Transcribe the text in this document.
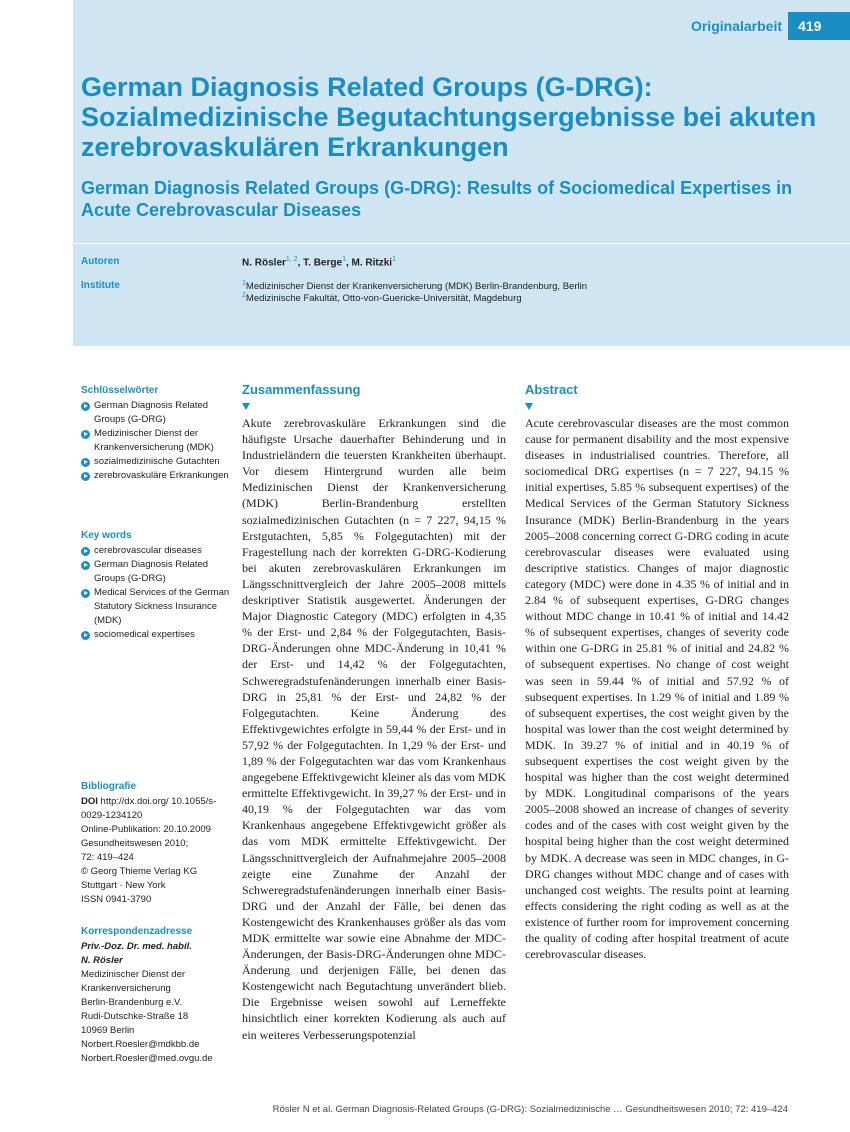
Originalarbeit	419
German Diagnosis Related Groups (G-DRG): Sozialmedizinische Begutachtungsergebnisse bei akuten zerebrovaskulären Erkrankungen
German Diagnosis Related Groups (G-DRG): Results of Sociomedical Expertises in Acute Cerebrovascular Diseases
Autoren	N. Rösler$^{1, 2}$, T. Berge$^1$, M. Ritzki$^1$
Institute	$^1$Medizinischer Dienst der Krankenversicherung (MDK) Berlin-Brandenburg, Berlin
$^2$Medizinische Fakultät, Otto-von-Guericke-Universität, Magdeburg
Schlüsselwörter
German Diagnosis Related Groups (G-DRG)
Medizinischer Dienst der Krankenversicherung (MDK)
sozialmedizinische Gutachten
zerebrovaskuläre Erkrankungen
Key words
cerebrovascular diseases
German Diagnosis Related Groups (G-DRG)
Medical Services of the German Statutory Sickness Insurance (MDK)
sociomedical expertises
Bibliografie
DOI http://dx.doi.org/ 10.1055/s-0029-1234120
Online-Publikation: 20.10.2009
Gesundheitswesen 2010;
72: 419–424
© Georg Thieme Verlag KG
Stuttgart · New York
ISSN 0941-3790
Korrespondenzadresse
Priv.-Doz. Dr. med. habil.
N. Rösler
Medizinischer Dienst der
Krankenversicherung
Berlin-Brandenburg e.V.
Rudi-Dutschke-Straße 18
10969 Berlin
Norbert.Roesler@mdkbb.de
Norbert.Roesler@med.ovgu.de
Zusammenfassung
Akute zerebrovaskuläre Erkrankungen sind die häufigste Ursache dauerhafter Behinderung und in Industrieländern die teuersten Krankheiten überhaupt. Vor diesem Hintergrund wurden alle beim Medizinischen Dienst der Krankenversicherung (MDK) Berlin-Brandenburg erstellten sozialmedizinischen Gutachten (n = 7 227, 94,15 % Erstgutachten, 5,85 % Folgegutachten) mit der Fragestellung nach der korrekten G-DRG-Kodierung bei akuten zerebrovaskulären Erkrankungen im Längsschnittvergleich der Jahre 2005–2008 mittels deskriptiver Statistik ausgewertet. Änderungen der Major Diagnostic Category (MDC) erfolgten in 4,35 % der Erst- und 2,84 % der Folgegutachten, Basis-DRG-Änderungen ohne MDC-Änderung in 10,41 % der Erst- und 14,42 % der Folgegutachten, Schweregradstufenänderungen innerhalb einer Basis-DRG in 25,81 % der Erst- und 24,82 % der Folgegutachten. Keine Änderung des Effektivgewichtes erfolgte in 59,44 % der Erst- und in 57,92 % der Folgegutachten. In 1,29 % der Erst- und 1,89 % der Folgegutachten war das vom Krankenhaus angegebene Effektivgewicht kleiner als das vom MDK ermittelte Effektivgewicht. In 39,27 % der Erst- und in 40,19 % der Folgegutachten war das vom Krankenhaus angegebene Effektivgewicht größer als das vom MDK ermittelte Effektivgewicht. Der Längsschnittvergleich der Aufnahmejahre 2005–2008 zeigte eine Zunahme der Anzahl der Schweregradstufenänderungen innerhalb einer Basis-DRG und der Anzahl der Fälle, bei denen das Kostengewicht des Krankenhauses größer als das vom MDK ermittelte war sowie eine Abnahme der MDC-Änderungen, der Basis-DRG-Änderungen ohne MDC-Änderung und derjenigen Fälle, bei denen das Kostengewicht nach Begutachtung unverändert blieb. Die Ergebnisse weisen sowohl auf Lerneffekte hinsichtlich einer korrekten Kodierung als auch auf ein weiteres Verbesserungspotenzial
Abstract
Acute cerebrovascular diseases are the most common cause for permanent disability and the most expensive diseases in industrialised countries. Therefore, all sociomedical DRG expertises (n = 7 227, 94.15 % initial expertises, 5.85 % subsequent expertises) of the Medical Services of the German Statutory Sickness Insurance (MDK) Berlin-Brandenburg in the years 2005–2008 concerning correct G-DRG coding in acute cerebrovascular diseases were evaluated using descriptive statistics. Changes of major diagnostic category (MDC) were done in 4.35 % of initial and in 2.84 % of subsequent expertises, G-DRG changes without MDC change in 10.41 % of initial and 14.42 % of subsequent expertises, changes of severity code within one G-DRG in 25.81 % of initial and 24.82 % of subsequent expertises. No change of cost weight was seen in 59.44 % of initial and 57.92 % of subsequent expertises. In 1.29 % of initial and 1.89 % of subsequent expertises, the cost weight given by the hospital was lower than the cost weight determined by MDK. In 39.27 % of initial and in 40.19 % of subsequent expertises the cost weight given by the hospital was higher than the cost weight determined by MDK. Longitudinal comparisons of the years 2005–2008 showed an increase of changes of severity codes and of the cases with cost weight given by the hospital being higher than the cost weight determined by MDK. A decrease was seen in MDC changes, in G-DRG changes without MDC change and of cases with unchanged cost weights. The results point at learning effects considering the right coding as well as at the existence of further room for improvement concerning the quality of coding after hospital treatment of acute cerebrovascular diseases.
Rösler N et al. German Diagnosis-Related Groups (G-DRG): Sozialmedizinische … Gesundheitswesen 2010; 72: 419–424
